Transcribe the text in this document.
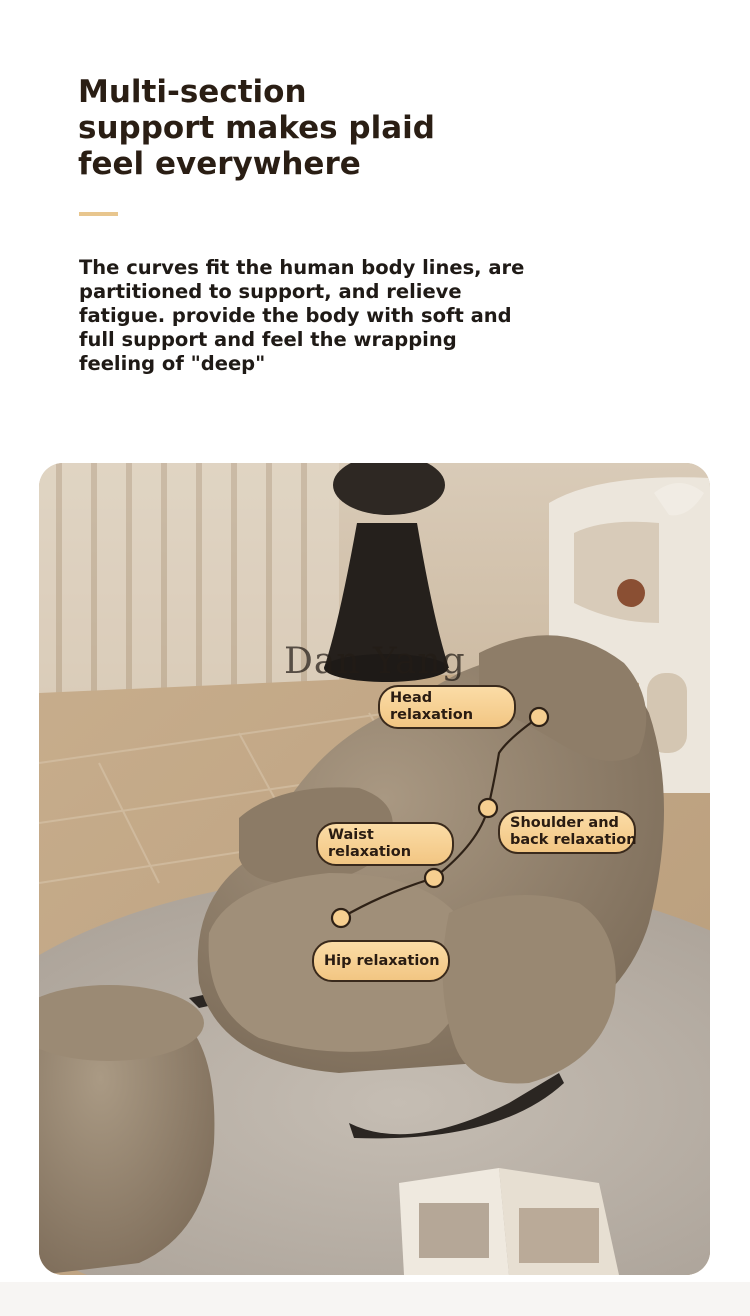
Multi-section
support makes plaid
feel everywhere

The curves fit the human body lines, are
partitioned to support, and relieve
fatigue. provide the body with soft and
full support and feel the wrapping
feeling of "deep"

Dan Yang
Head
relaxation
Shoulder and
back relaxation
Waist
relaxation
Hip relaxation
